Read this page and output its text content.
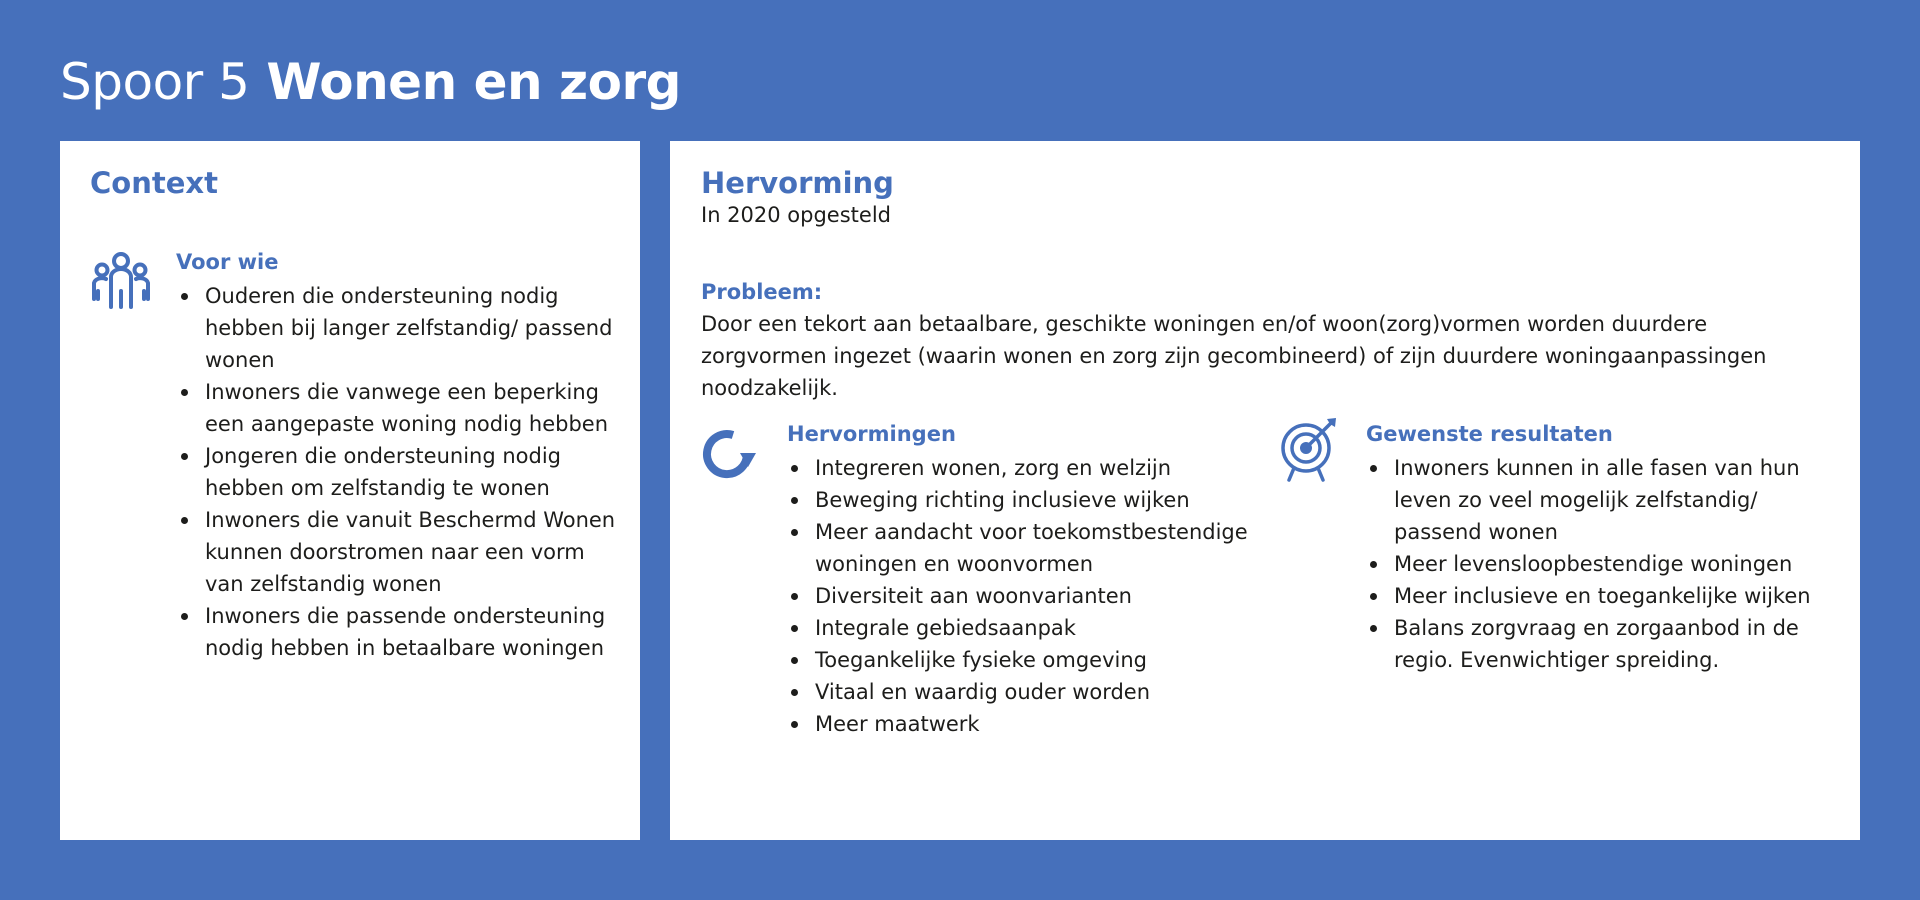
Spoor 5 Wonen en zorg
Context
Voor wie
Ouderen die ondersteuning nodig hebben bij langer zelfstandig/ passend wonen
Inwoners die vanwege een beperking een aangepaste woning nodig hebben
Jongeren die ondersteuning nodig hebben om zelfstandig te wonen
Inwoners die vanuit Beschermd Wonen kunnen doorstromen naar een vorm van zelfstandig wonen
Inwoners die passende ondersteuning nodig hebben in betaalbare woningen
Hervorming
In 2020 opgesteld
Probleem:
Door een tekort aan betaalbare, geschikte woningen en/of woon(zorg)vormen worden duurdere zorgvormen ingezet (waarin wonen en zorg zijn gecombineerd) of zijn duurdere woningaanpassingen noodzakelijk.
Hervormingen
Integreren wonen, zorg en welzijn
Beweging richting inclusieve wijken
Meer aandacht voor toekomstbestendige woningen en woonvormen
Diversiteit aan woonvarianten
Integrale gebiedsaanpak
Toegankelijke fysieke omgeving
Vitaal en waardig ouder worden
Meer maatwerk
Gewenste resultaten
Inwoners kunnen in alle fasen van hun leven zo veel mogelijk zelfstandig/ passend wonen
Meer levensloopbestendige woningen
Meer inclusieve en toegankelijke wijken
Balans zorgvraag en zorgaanbod in de regio. Evenwichtiger spreiding.
